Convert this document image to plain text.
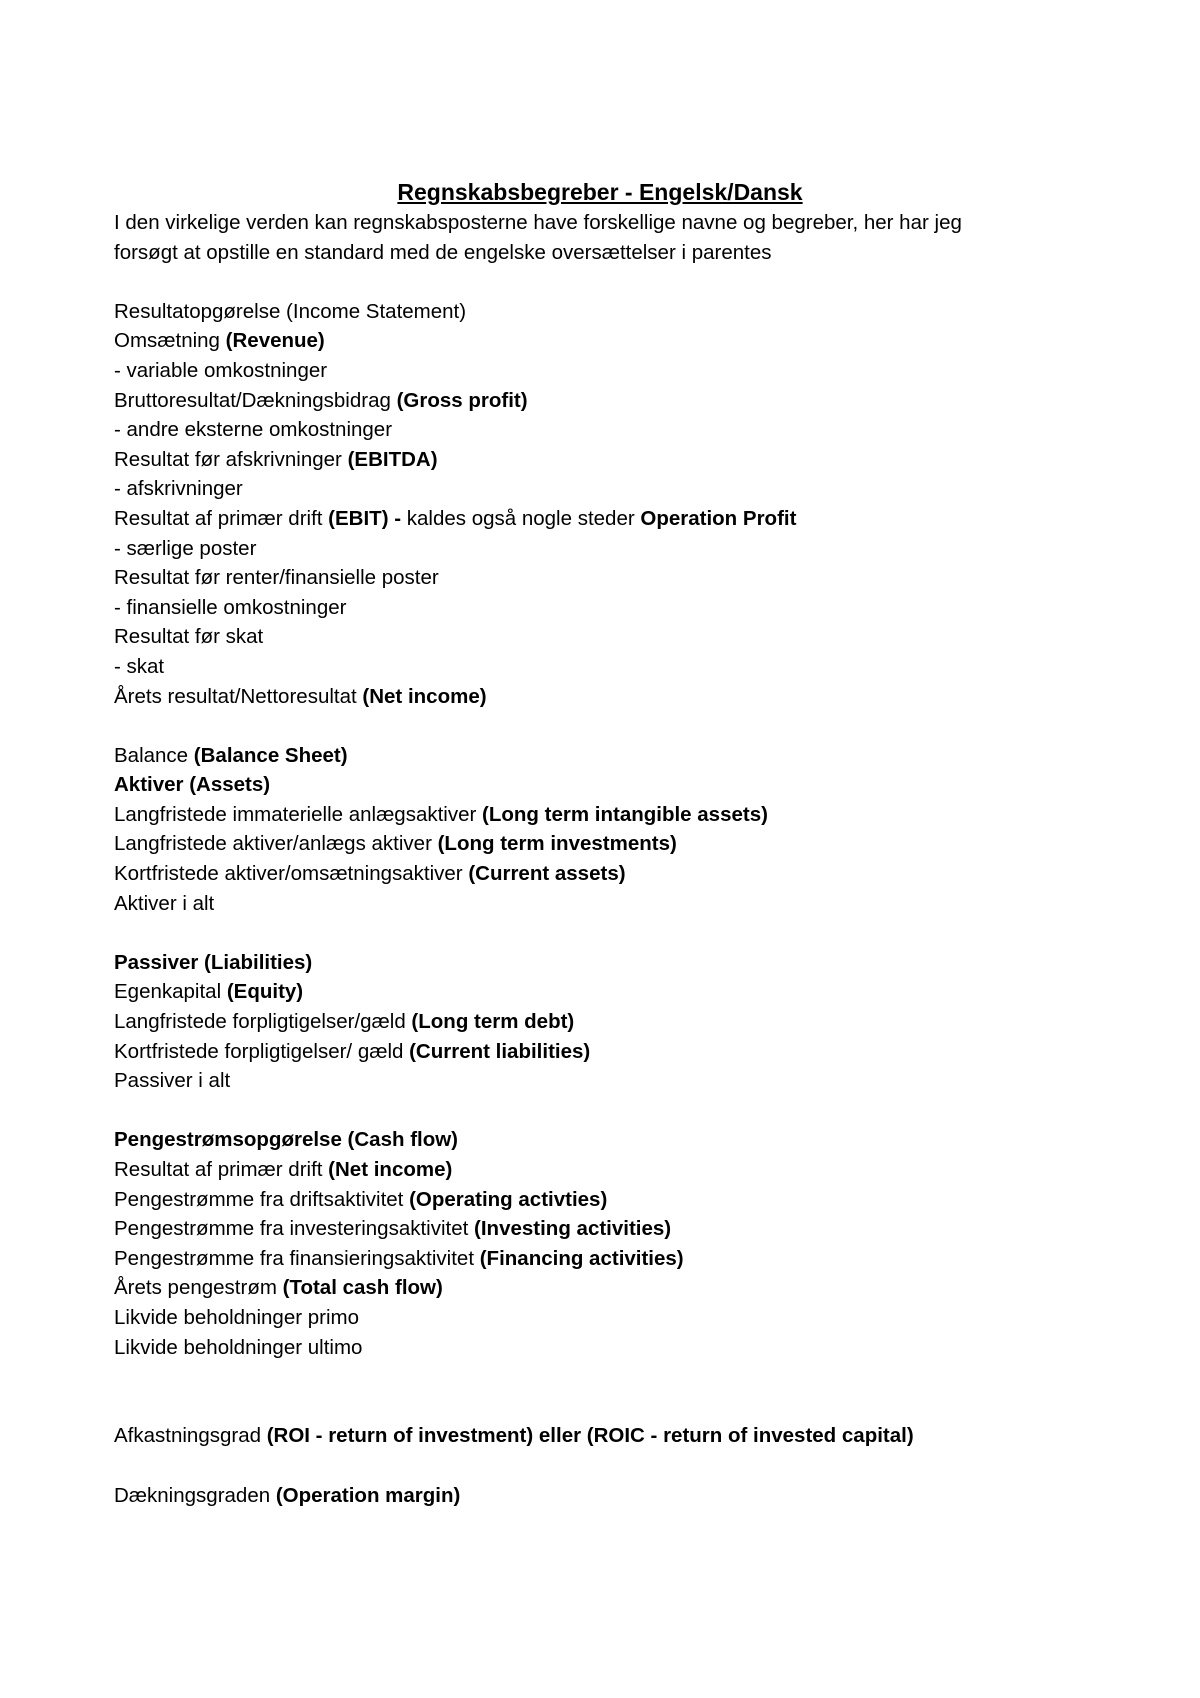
Regnskabsbegreber - Engelsk/Dansk
I den virkelige verden kan regnskabsposterne have forskellige navne og begreber, her har jeg
forsøgt at opstille en standard med de engelske oversættelser i parentes
Resultatopgørelse (Income Statement)
Omsætning (Revenue)
- variable omkostninger
Bruttoresultat/Dækningsbidrag (Gross profit)
- andre eksterne omkostninger
Resultat før afskrivninger (EBITDA)
- afskrivninger
Resultat af primær drift (EBIT) - kaldes også nogle steder Operation Profit
- særlige poster
Resultat før renter/finansielle poster
- finansielle omkostninger
Resultat før skat
- skat
Årets resultat/Nettoresultat (Net income)
Balance (Balance Sheet)
Aktiver (Assets)
Langfristede immaterielle anlægsaktiver (Long term intangible assets)
Langfristede aktiver/anlægs aktiver (Long term investments)
Kortfristede aktiver/omsætningsaktiver (Current assets)
Aktiver i alt
Passiver (Liabilities)
Egenkapital (Equity)
Langfristede forpligtigelser/gæld (Long term debt)
Kortfristede forpligtigelser/ gæld (Current liabilities)
Passiver i alt
Pengestrømsopgørelse (Cash flow)
Resultat af primær drift (Net income)
Pengestrømme fra driftsaktivitet (Operating activties)
Pengestrømme fra investeringsaktivitet (Investing activities)
Pengestrømme fra finansieringsaktivitet (Financing activities)
Årets pengestrøm (Total cash flow)
Likvide beholdninger primo
Likvide beholdninger ultimo
Afkastningsgrad (ROI - return of investment) eller (ROIC - return of invested capital)
Dækningsgraden (Operation margin)
